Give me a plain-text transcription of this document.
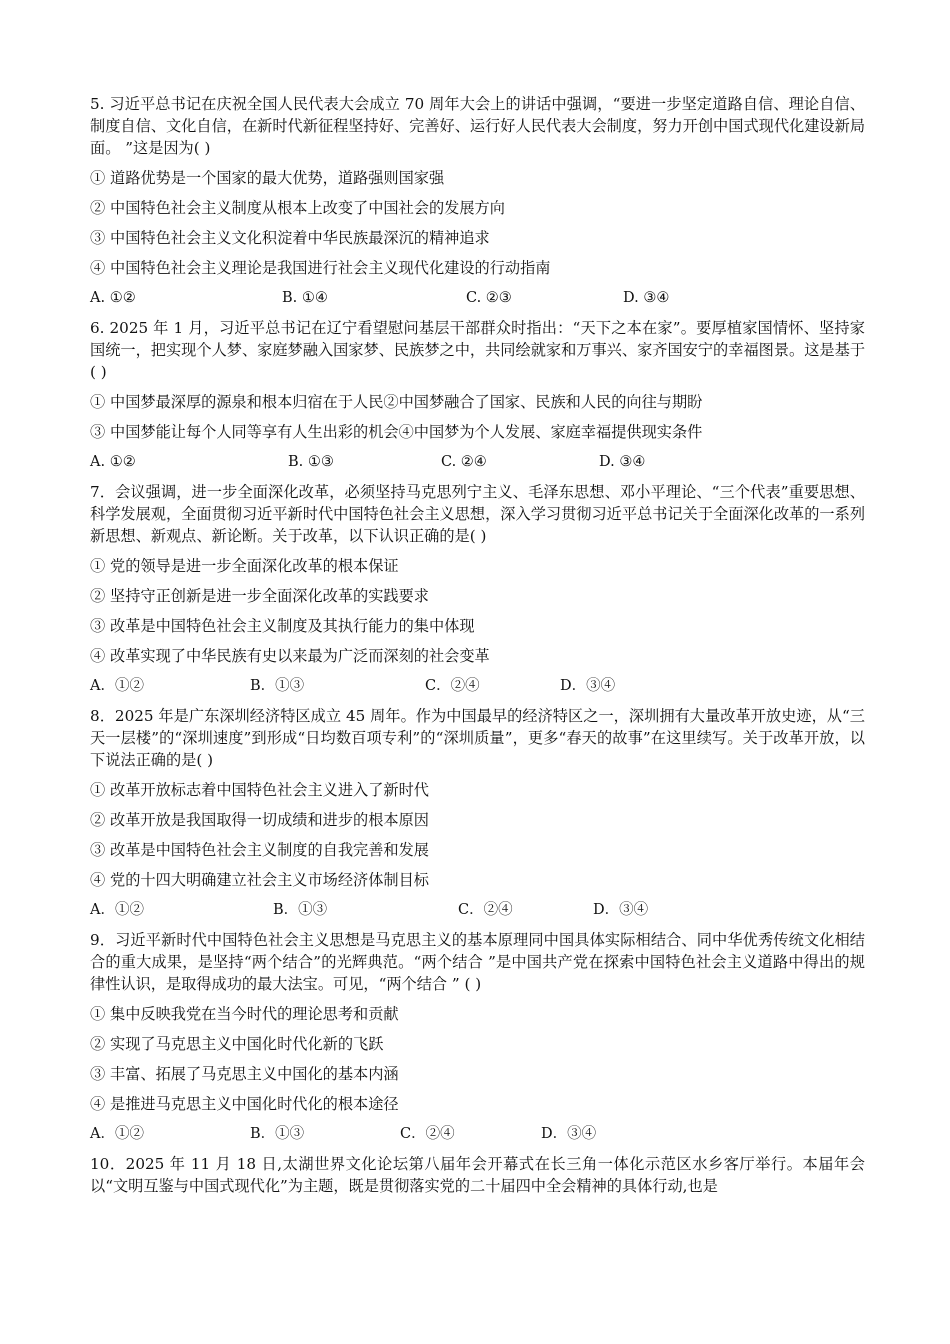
5. 习近平总书记在庆祝全国人民代表大会成立 70 周年大会上的讲话中强调，“要进一步坚定道路自信、理论自信、制度自信、文化自信，在新时代新征程坚持好、完善好、运行好人民代表大会制度，努力开创中国式现代化建设新局面。 ”这是因为( )

① 道路优势是一个国家的最大优势，道路强则国家强

② 中国特色社会主义制度从根本上改变了中国社会的发展方向

③ 中国特色社会主义文化积淀着中华民族最深沉的精神追求

④ 中国特色社会主义理论是我国进行社会主义现代化建设的行动指南

A. ①②	B. ①④	C. ②③	D. ③④

6. 2025 年 1 月，习近平总书记在辽宁看望慰问基层干部群众时指出：“天下之本在家”。要厚植家国情怀、坚持家国统一，把实现个人梦、家庭梦融入国家梦、民族梦之中，共同绘就家和万事兴、家齐国安宁的幸福图景。这是基于( )

① 中国梦最深厚的源泉和根本归宿在于人民②中国梦融合了国家、民族和人民的向往与期盼

③ 中国梦能让每个人同等享有人生出彩的机会④中国梦为个人发展、家庭幸福提供现实条件

A. ①②	B. ①③	C. ②④	D. ③④

7．会议强调，进一步全面深化改革，必须坚持马克思列宁主义、毛泽东思想、邓小平理论、“三个代表”重要思想、科学发展观，全面贯彻习近平新时代中国特色社会主义思想，深入学习贯彻习近平总书记关于全面深化改革的一系列新思想、新观点、新论断。关于改革，以下认识正确的是( )

① 党的领导是进一步全面深化改革的根本保证

② 坚持守正创新是进一步全面深化改革的实践要求

③ 改革是中国特色社会主义制度及其执行能力的集中体现

④ 改革实现了中华民族有史以来最为广泛而深刻的社会变革

A．①②	B．①③	C．②④	D．③④

8．2025 年是广东深圳经济特区成立 45 周年。作为中国最早的经济特区之一，深圳拥有大量改革开放史迹，从“三天一层楼”的“深圳速度”到形成“日均数百项专利”的“深圳质量”，更多“春天的故事”在这里续写。关于改革开放，以下说法正确的是( )

① 改革开放标志着中国特色社会主义进入了新时代

② 改革开放是我国取得一切成绩和进步的根本原因

③ 改革是中国特色社会主义制度的自我完善和发展

④ 党的十四大明确建立社会主义市场经济体制目标

A．①②	B．①③	C．②④	D．③④

9．习近平新时代中国特色社会主义思想是马克思主义的基本原理同中国具体实际相结合、同中华优秀传统文化相结合的重大成果，是坚持“两个结合”的光辉典范。“两个结合 ”是中国共产党在探索中国特色社会主义道路中得出的规律性认识，是取得成功的最大法宝。可见，“两个结合 ” ( )

① 集中反映我党在当今时代的理论思考和贡献

② 实现了马克思主义中国化时代化新的飞跃

③ 丰富、拓展了马克思主义中国化的基本内涵

④ 是推进马克思主义中国化时代化的根本途径

A．①②	B．①③	C．②④	D．③④

10．2025 年 11 月 18 日,太湖世界文化论坛第八届年会开幕式在长三角一体化示范区水乡客厅举行。本届年会以“文明互鉴与中国式现代化”为主题，既是贯彻落实党的二十届四中全会精神的具体行动,也是
